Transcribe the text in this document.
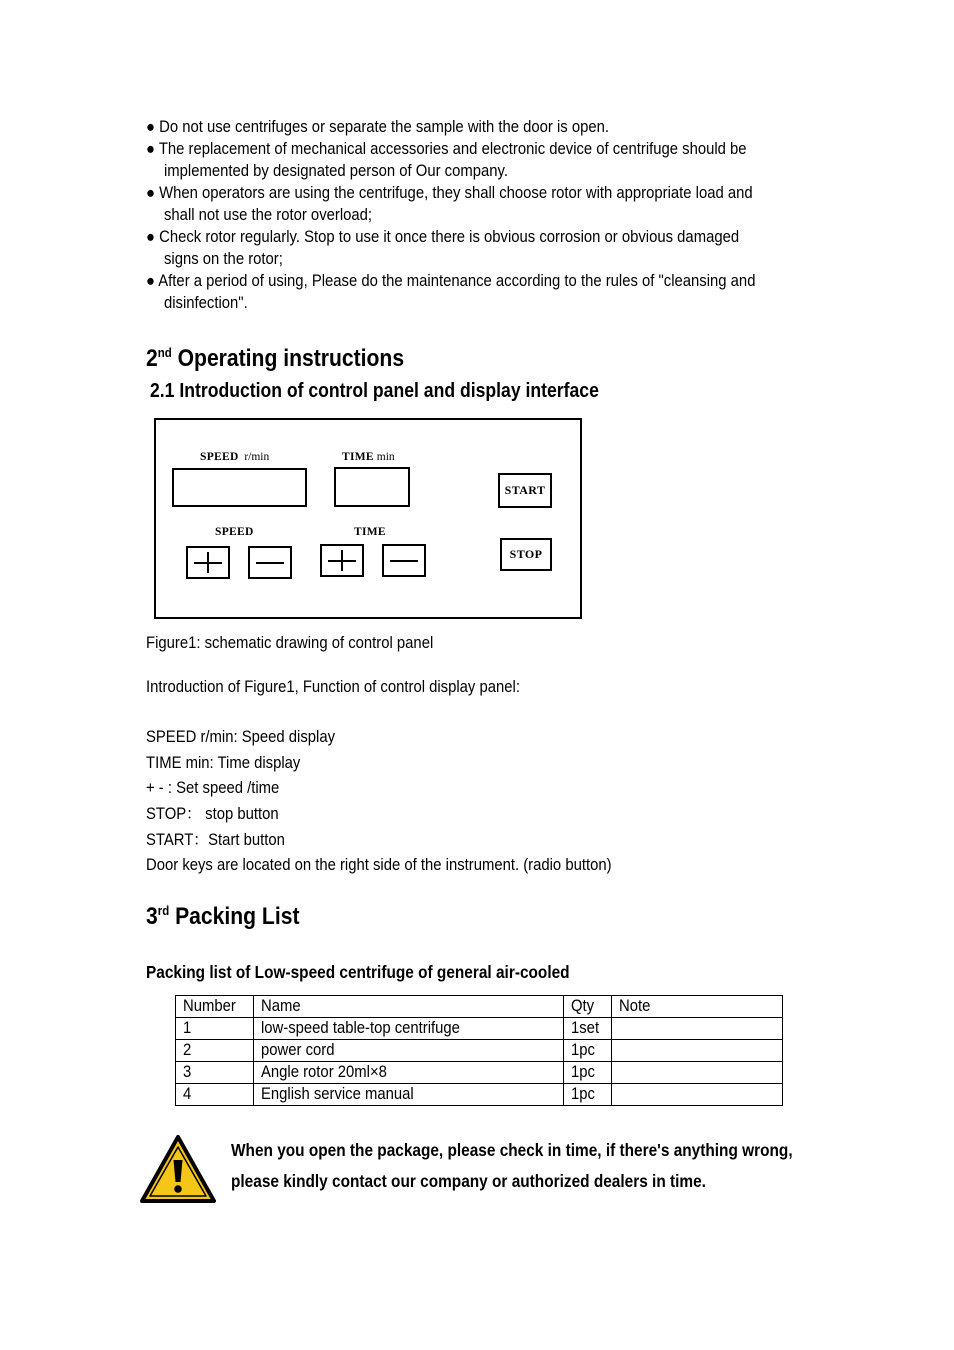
● Do not use centrifuges or separate the sample with the door is open.
● The replacement of mechanical accessories and electronic device of centrifuge should be
implemented by designated person of Our company.
● When operators are using the centrifuge, they shall choose rotor with appropriate load and
shall not use the rotor overload;
● Check rotor regularly. Stop to use it once there is obvious corrosion or obvious damaged
signs on the rotor;
● After a period of using, Please do the maintenance according to the rules of "cleansing and
disinfection".
2nd Operating instructions
2.1 Introduction of control panel and display interface
SPEED r/min	TIME min
START
SPEED	TIME
STOP
Figure1: schematic drawing of control panel
Introduction of Figure1, Function of control display panel:
SPEED r/min: Speed display
TIME min: Time display
+ - : Set speed /time
STOP： stop button
START：Start button
Door keys are located on the right side of the instrument. (radio button)
3rd Packing List
Packing list of Low-speed centrifuge of general air-cooled
Number	Name	Qty	Note
1	low-speed table-top centrifuge	1set	
2	power cord	1pc	
3	Angle rotor 20ml×8	1pc	
4	English service manual	1pc	
When you open the package, please check in time, if there's anything wrong,
please kindly contact our company or authorized dealers in time.
